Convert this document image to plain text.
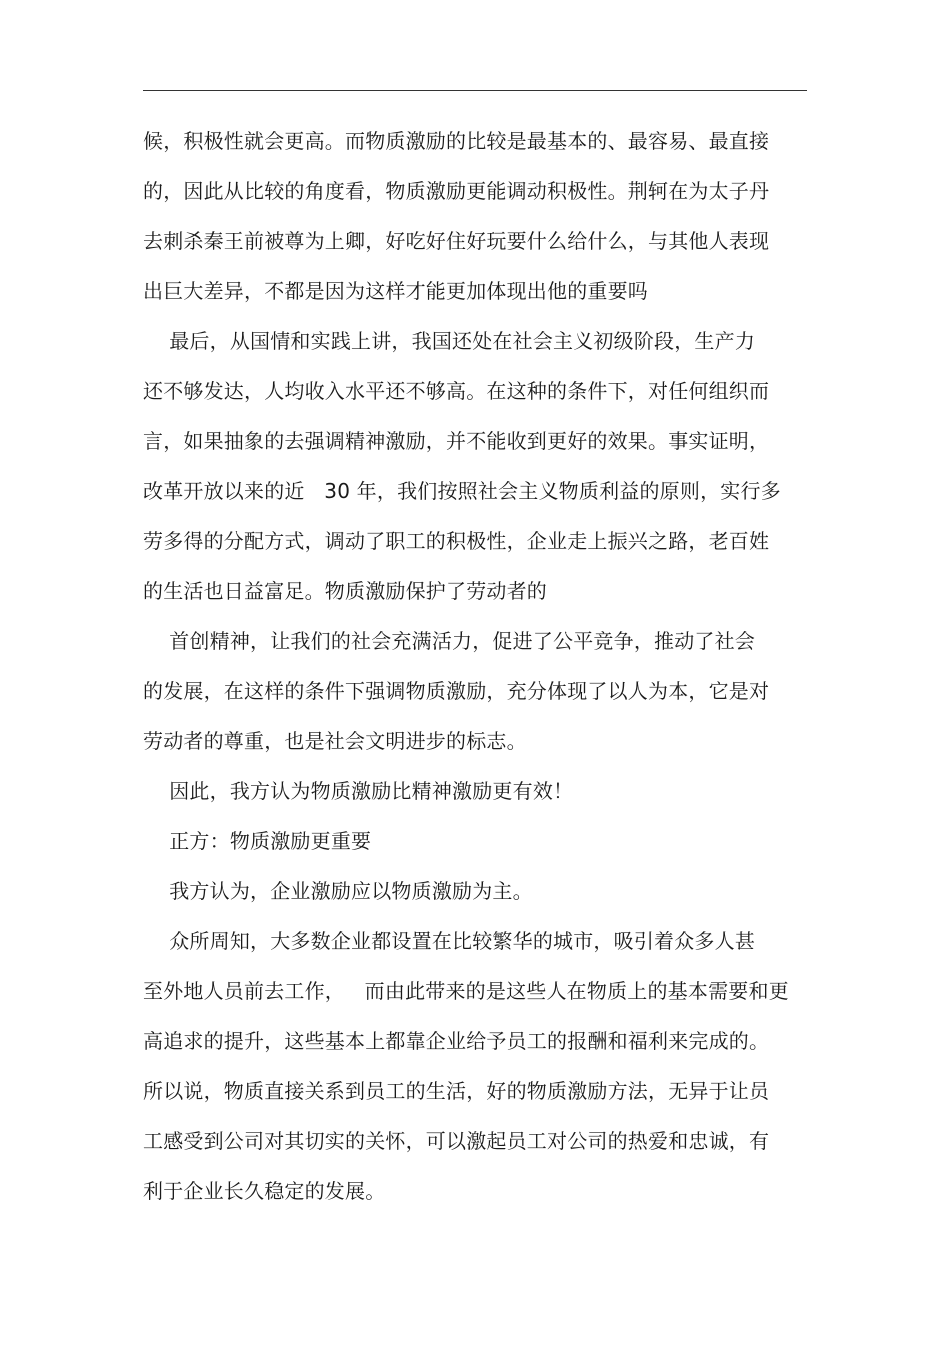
候，积极性就会更高。而物质激励的比较是最基本的、最容易、最直接
的，因此从比较的角度看，物质激励更能调动积极性。荆轲在为太子丹
去刺杀秦王前被尊为上卿，好吃好住好玩要什么给什么，与其他人表现
出巨大差异，不都是因为这样才能更加体现出他的重要吗
最后，从国情和实践上讲，我国还处在社会主义初级阶段，生产力
还不够发达，人均收入水平还不够高。在这种的条件下，对任何组织而
言，如果抽象的去强调精神激励，并不能收到更好的效果。事实证明，
改革开放以来的近   30 年，我们按照社会主义物质利益的原则，实行多
劳多得的分配方式，调动了职工的积极性，企业走上振兴之路，老百姓
的生活也日益富足。物质激励保护了劳动者的
首创精神，让我们的社会充满活力，促进了公平竞争，推动了社会
的发展，在这样的条件下强调物质激励，充分体现了以人为本，它是对
劳动者的尊重，也是社会文明进步的标志。
因此，我方认为物质激励比精神激励更有效！
正方：物质激励更重要
我方认为，企业激励应以物质激励为主。
众所周知，大多数企业都设置在比较繁华的城市，吸引着众多人甚
至外地人员前去工作，   而由此带来的是这些人在物质上的基本需要和更
高追求的提升，这些基本上都靠企业给予员工的报酬和福利来完成的。
所以说，物质直接关系到员工的生活，好的物质激励方法，无异于让员
工感受到公司对其切实的关怀，可以激起员工对公司的热爱和忠诚，有
利于企业长久稳定的发展。
